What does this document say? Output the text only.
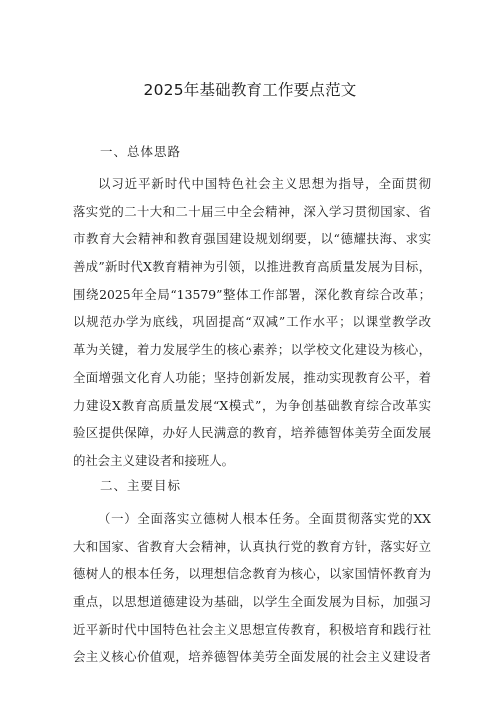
2025年基础教育工作要点范文
一、总体思路
以习近平新时代中国特色社会主义思想为指导，全面贯彻
落实党的二十大和二十届三中全会精神，深入学习贯彻国家、省
市教育大会精神和教育强国建设规划纲要，以“德耀扶海、求实
善成”新时代X教育精神为引领，以推进教育高质量发展为目标，
围绕2025年全局“13579”整体工作部署，深化教育综合改革；
以规范办学为底线，巩固提高“双减”工作水平；以课堂教学改
革为关键，着力发展学生的核心素养；以学校文化建设为核心，
全面增强文化育人功能；坚持创新发展，推动实现教育公平，着
力建设X教育高质量发展“X模式”，为争创基础教育综合改革实
验区提供保障，办好人民满意的教育，培养德智体美劳全面发展
的社会主义建设者和接班人。
二、主要目标
（一）全面落实立德树人根本任务。全面贯彻落实党的XX
大和国家、省教育大会精神，认真执行党的教育方针，落实好立
德树人的根本任务，以理想信念教育为核心，以家国情怀教育为
重点，以思想道德建设为基础，以学生全面发展为目标，加强习
近平新时代中国特色社会主义思想宣传教育，积极培育和践行社
会主义核心价值观，培养德智体美劳全面发展的社会主义建设者
